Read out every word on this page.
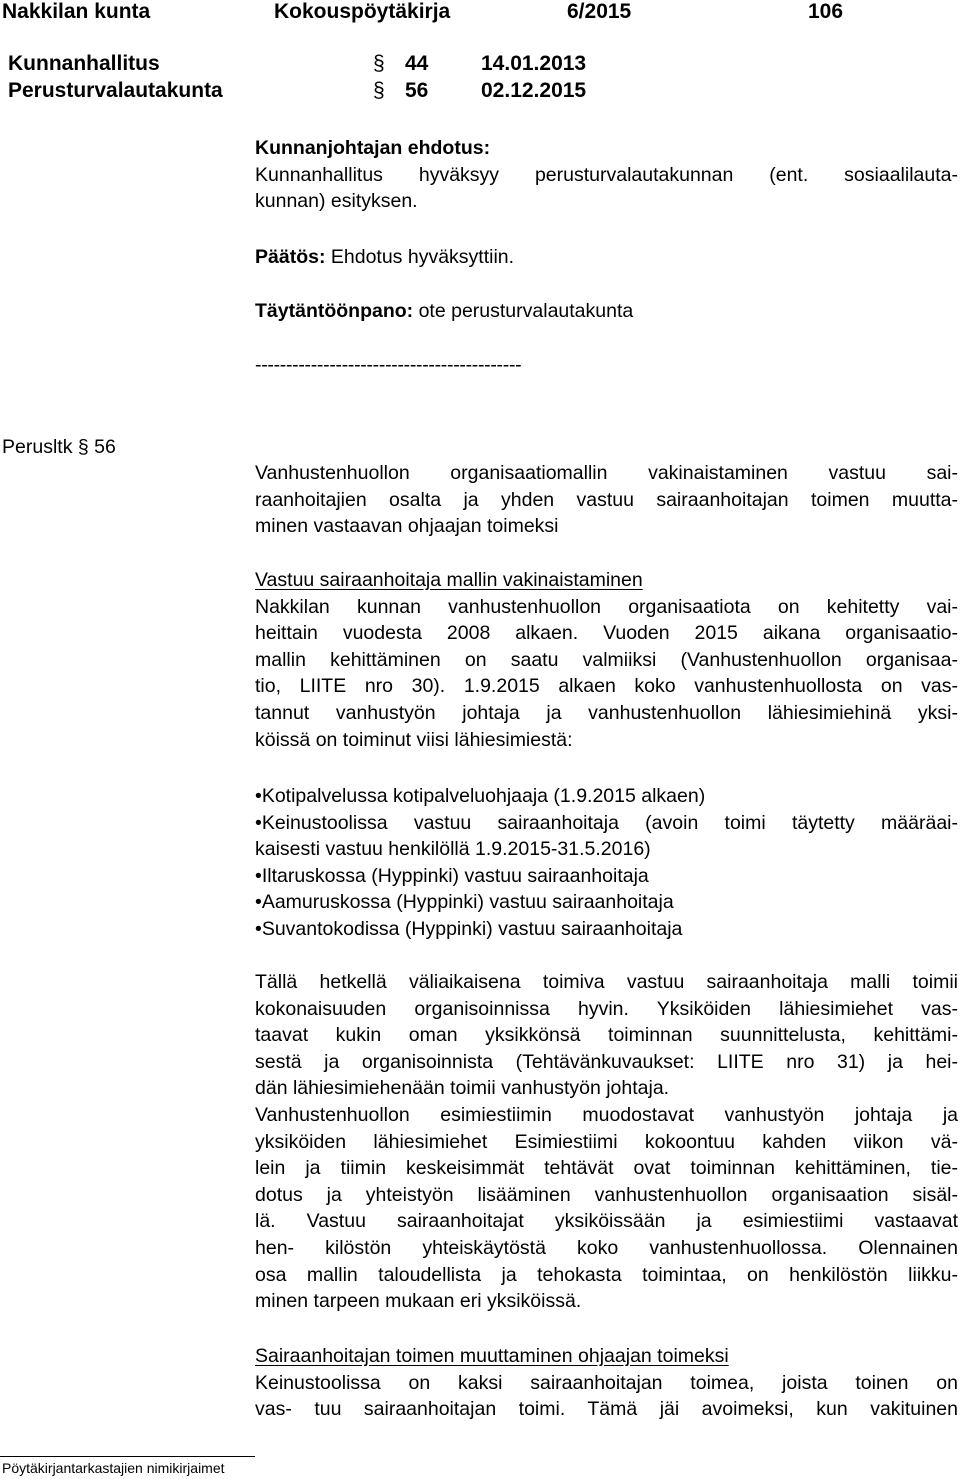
Nakkilan kunta	Kokouspöytäkirja	6/2015	106
Kunnanhallitus	§ 44	14.01.2013
Perusturvalautakunta	§ 56	02.12.2015
Kunnanjohtajan ehdotus:
Kunnanhallitus hyväksyy perusturvalautakunnan (ent. sosiaalilauta-
kunnan) esityksen.
Päätös: Ehdotus hyväksyttiin.
Täytäntöönpano: ote perusturvalautakunta
-------------------------------------------
Perusltk § 56
Vanhustenhuollon organisaatiomallin vakinaistaminen vastuu sai-
raanhoitajien osalta ja yhden vastuu sairaanhoitajan toimen muutta-
minen vastaavan ohjaajan toimeksi
Vastuu sairaanhoitaja mallin vakinaistaminen
Nakkilan kunnan vanhustenhuollon organisaatiota on kehitetty vai-
heittain vuodesta 2008 alkaen. Vuoden 2015 aikana organisaatio-
mallin kehittäminen on saatu valmiiksi (Vanhustenhuollon organisaa-
tio, LIITE nro 30). 1.9.2015 alkaen koko vanhustenhuollosta on vas-
tannut vanhustyön johtaja ja vanhustenhuollon lähiesimiehinä yksi-
köissä on toiminut viisi lähiesimiestä:
•Kotipalvelussa kotipalveluohjaaja (1.9.2015 alkaen)
•Keinustoolissa vastuu sairaanhoitaja (avoin toimi täytetty määräai-
kaisesti vastuu henkilöllä 1.9.2015-31.5.2016)
•Iltaruskossa (Hyppinki) vastuu sairaanhoitaja
•Aamuruskossa (Hyppinki) vastuu sairaanhoitaja
•Suvantokodissa (Hyppinki) vastuu sairaanhoitaja
Tällä hetkellä väliaikaisena toimiva vastuu sairaanhoitaja malli toimii
kokonaisuuden organisoinnissa hyvin. Yksiköiden lähiesimiehet vas-
taavat kukin oman yksikkönsä toiminnan suunnittelusta, kehittämi-
sestä ja organisoinnista (Tehtävänkuvaukset: LIITE nro 31) ja hei-
dän lähiesimiehenään toimii vanhustyön johtaja.
Vanhustenhuollon esimiestiimin muodostavat vanhustyön johtaja ja
yksiköiden lähiesimiehet Esimiestiimi kokoontuu kahden viikon vä-
lein ja tiimin keskeisimmät tehtävät ovat toiminnan kehittäminen, tie-
dotus ja yhteistyön lisääminen vanhustenhuollon organisaation sisäl-
lä. Vastuu sairaanhoitajat yksiköissään ja esimiestiimi vastaavat
hen- kilöstön yhteiskäytöstä koko vanhustenhuollossa. Olennainen
osa mallin taloudellista ja tehokasta toimintaa, on henkilöstön liikku-
minen tarpeen mukaan eri yksiköissä.
Sairaanhoitajan toimen muuttaminen ohjaajan toimeksi
Keinustoolissa on kaksi sairaanhoitajan toimea, joista toinen on
vas- tuu sairaanhoitajan toimi. Tämä jäi avoimeksi, kun vakituinen
Pöytäkirjantarkastajien nimikirjaimet
